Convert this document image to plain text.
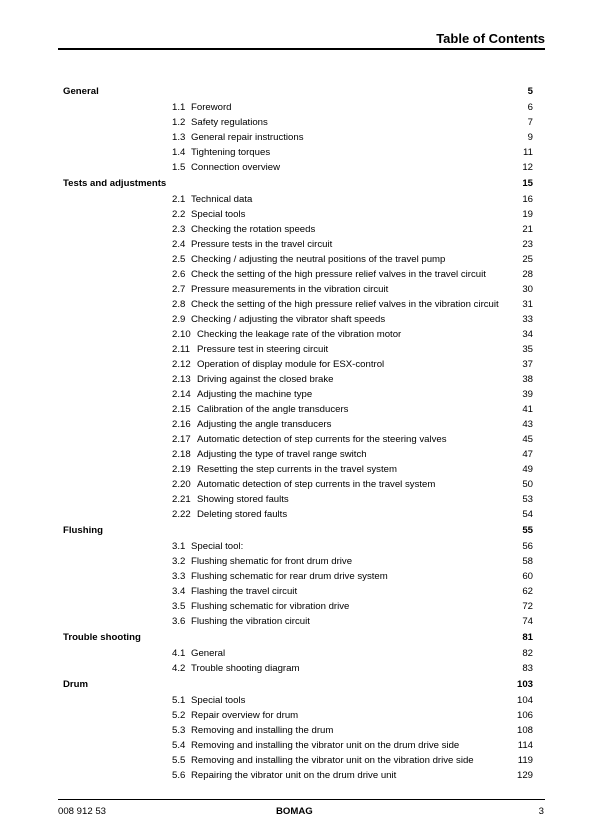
Table of Contents
General	5
1.1 Foreword	6
1.2 Safety regulations	7
1.3 General repair instructions	9
1.4 Tightening torques	11
1.5 Connection overview	12
Tests and adjustments	15
2.1 Technical data	16
2.2 Special tools	19
2.3 Checking the rotation speeds	21
2.4 Pressure tests in the travel circuit	23
2.5 Checking / adjusting the neutral positions of the travel pump	25
2.6 Check the setting of the high pressure relief valves in the travel circuit	28
2.7 Pressure measurements in the vibration circuit	30
2.8 Check the setting of the high pressure relief valves in the vibration circuit 31
2.9 Checking / adjusting the vibrator shaft speeds	33
2.10 Checking the leakage rate of the vibration motor	34
2.11 Pressure test in steering circuit	35
2.12 Operation of display module for ESX-control	37
2.13 Driving against the closed brake	38
2.14 Adjusting the machine type	39
2.15 Calibration of the angle transducers	41
2.16 Adjusting the angle transducers	43
2.17 Automatic detection of step currents for the steering valves	45
2.18 Adjusting the type of travel range switch	47
2.19 Resetting the step currents in the travel system	49
2.20 Automatic detection of step currents in the travel system	50
2.21 Showing stored faults	53
2.22 Deleting stored faults	54
Flushing	55
3.1 Special tool:	56
3.2 Flushing shematic for front drum drive	58
3.3 Flushing schematic for rear drum drive system	60
3.4 Flashing the travel circuit	62
3.5 Flushing schematic for vibration drive	72
3.6 Flushing the vibration circuit	74
Trouble shooting	81
4.1 General	82
4.2 Trouble shooting diagram	83
Drum	103
5.1 Special tools	104
5.2 Repair overview for drum	106
5.3 Removing and installing the drum	108
5.4 Removing and installing the vibrator unit on the drum drive side	114
5.5 Removing and installing the vibrator unit on the vibration drive side	119
5.6 Repairing the vibrator unit on the drum drive unit	129
008 912 53	BOMAG	3
